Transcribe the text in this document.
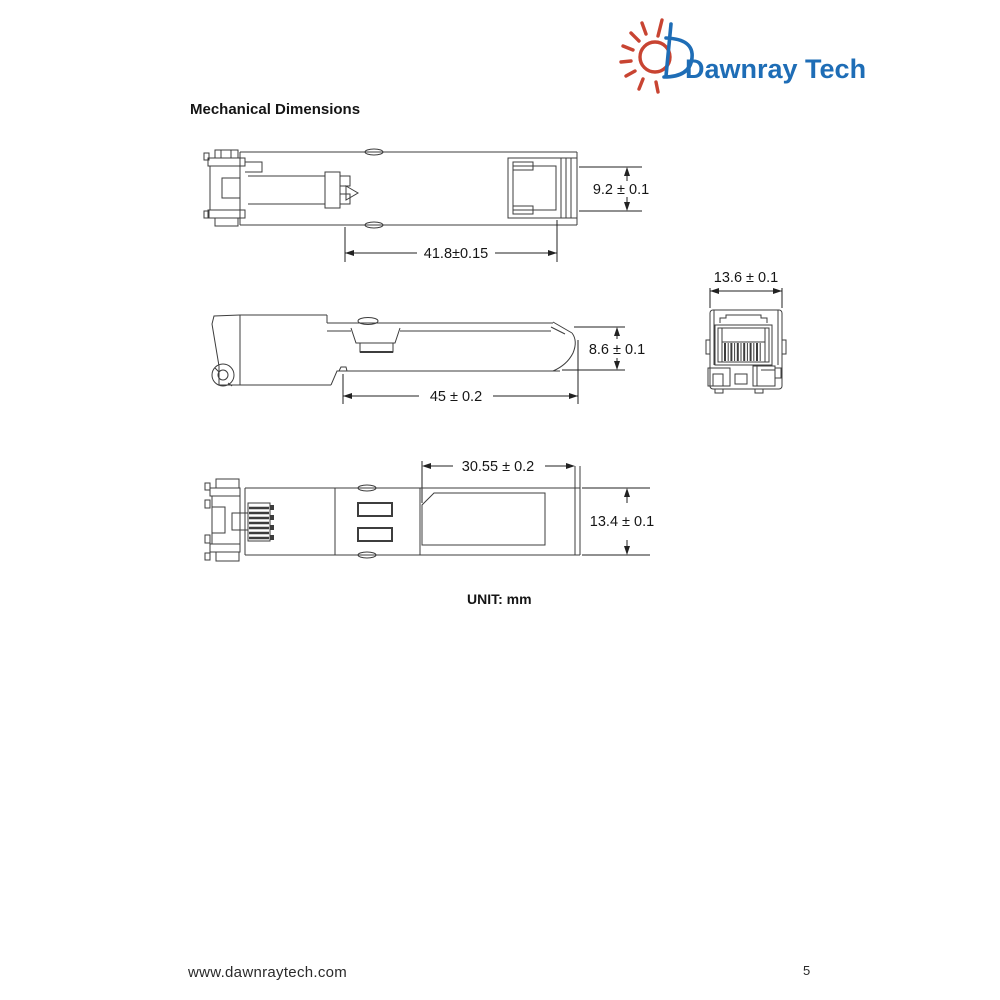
Dawnray Tech
Mechanical Dimensions
41.8±0.15
9.2 ± 0.1
45 ± 0.2
8.6 ± 0.1
13.6 ± 0.1
30.55 ± 0.2
13.4 ± 0.1
UNIT: mm
www.dawnraytech.com	5
